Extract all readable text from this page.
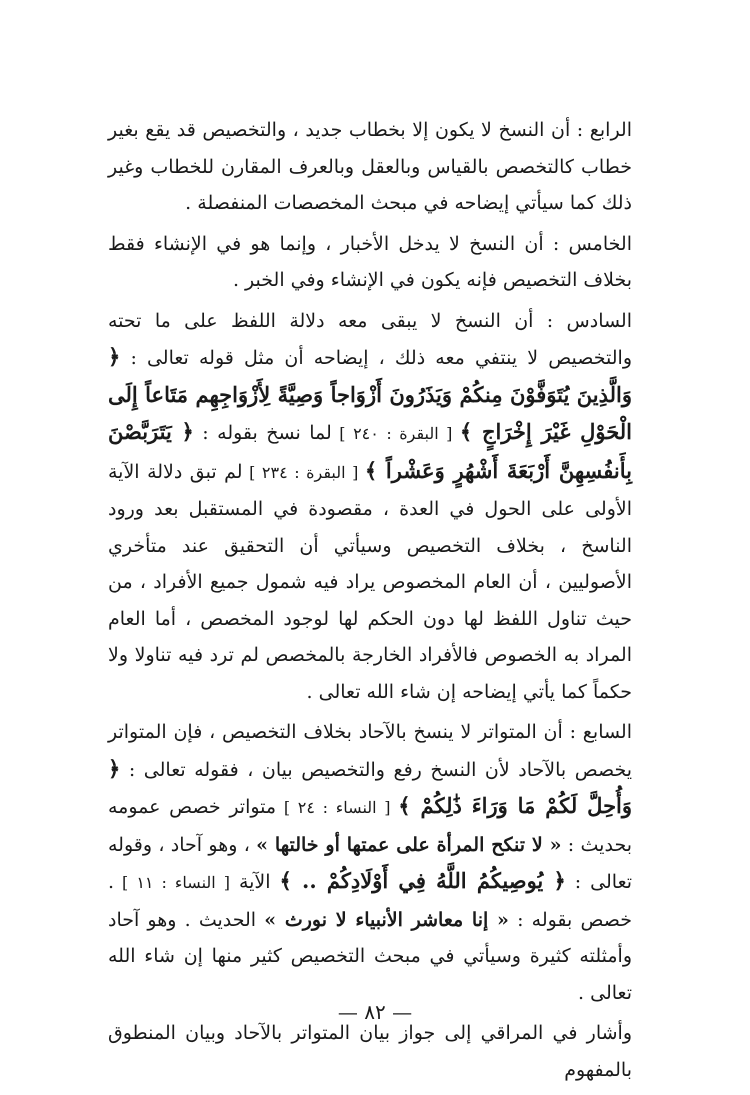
الرابع : أن النسخ لا يكون إلا بخطاب جديد ، والتخصيص قد يقع بغير خطاب كالتخصص بالقياس وبالعقل وبالعرف المقارن للخطاب وغير ذلك كما سيأتي إيضاحه في مبحث المخصصات المنفصلة .

الخامس : أن النسخ لا يدخل الأخبار ، وإنما هو في الإنشاء فقط بخلاف التخصيص فإنه يكون في الإنشاء وفي الخبر .

السادس : أن النسخ لا يبقى معه دلالة اللفظ على ما تحته والتخصيص لا ينتفي معه ذلك ، إيضاحه أن مثل قوله تعالى : ﴿ وَالَّذِينَ يُتَوَفَّوْنَ مِنكُمْ وَيَذَرُونَ أَزْوَاجاً وَصِيَّةً لِأَزْوَاجِهِم مَتَاعاً إِلَى الْحَوْلِ غَيْرَ إِخْرَاجٍ ﴾ [ البقرة : ٢٤٠ ] لما نسخ بقوله : ﴿ يَتَرَبَّصْنَ بِأَنفُسِهِنَّ أَرْبَعَةَ أَشْهُرٍ وَعَشْراً ﴾ [ البقرة : ٢٣٤ ] لم تبق دلالة الآية الأولى على الحول في العدة ، مقصودة في المستقبل بعد ورود الناسخ ، بخلاف التخصيص وسيأتي أن التحقيق عند متأخري الأصوليين ، أن العام المخصوص يراد فيه شمول جميع الأفراد ، من حيث تناول اللفظ لها دون الحكم لها لوجود المخصص ، أما العام المراد به الخصوص فالأفراد الخارجة بالمخصص لم ترد فيه تناولا ولا حكماً كما يأتي إيضاحه إن شاء الله تعالى .

السابع : أن المتواتر لا ينسخ بالآحاد بخلاف التخصيص ، فإن المتواتر يخصص بالآحاد لأن النسخ رفع والتخصيص بيان ، فقوله تعالى : ﴿ وَأُحِلَّ لَكُمْ مَا وَرَاءَ ذَٰلِكُمْ ﴾ [ النساء : ٢٤ ] متواتر خصص عمومه بحديث : « لا تنكح المرأة على عمتها أو خالتها » ، وهو آحاد ، وقوله تعالى : ﴿ يُوصِيكُمُ اللَّهُ فِي أَوْلَادِكُمْ .. ﴾ الآية [ النساء : ١١ ] . خصص بقوله : « إنا معاشر الأنبياء لا نورث » الحديث . وهو آحاد وأمثلته كثيرة وسيأتي في مبحث التخصيص كثير منها إن شاء الله تعالى .

وأشار في المراقي إلى جواز بيان المتواتر بالآحاد وبيان المنطوق بالمفهوم

— ٨٢ —
